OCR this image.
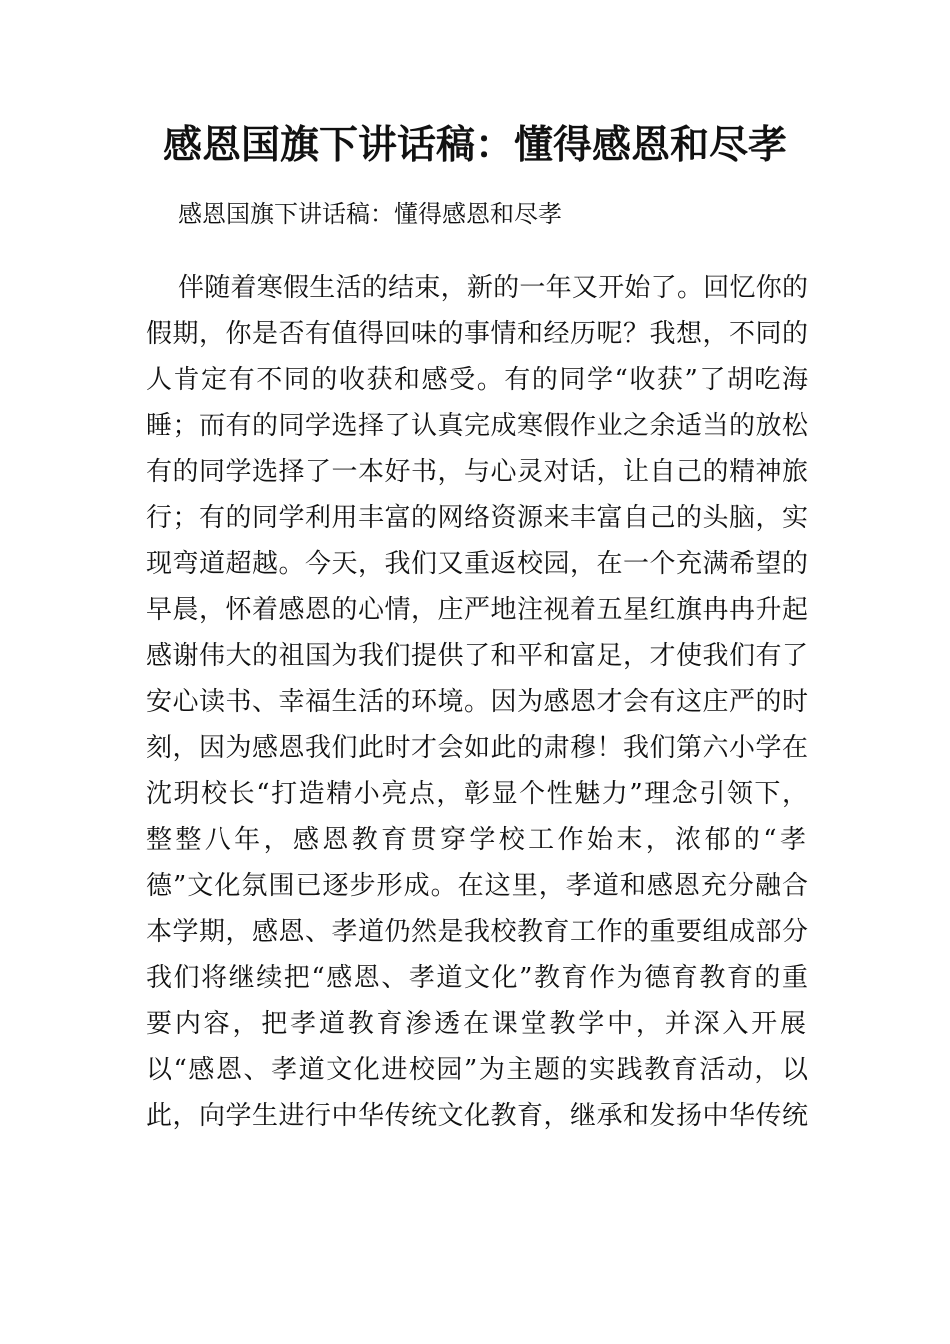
感恩国旗下讲话稿：懂得感恩和尽孝
感恩国旗下讲话稿：懂得感恩和尽孝
伴随着寒假生活的结束，新的一年又开始了。回忆你的
假期，你是否有值得回味的事情和经历呢？我想，不同的
人肯定有不同的收获和感受。有的同学“收获”了胡吃海
睡；而有的同学选择了认真完成寒假作业之余适当的放松
有的同学选择了一本好书，与心灵对话，让自己的精神旅
行；有的同学利用丰富的网络资源来丰富自己的头脑，实
现弯道超越。今天，我们又重返校园，在一个充满希望的
早晨，怀着感恩的心情，庄严地注视着五星红旗冉冉升起
感谢伟大的祖国为我们提供了和平和富足，才使我们有了
安心读书、幸福生活的环境。因为感恩才会有这庄严的时
刻，因为感恩我们此时才会如此的肃穆！我们第六小学在
沈玥校长“打造精小亮点，彰显个性魅力”理念引领下，
整整八年，感恩教育贯穿学校工作始末，浓郁的“孝
德”文化氛围已逐步形成。在这里，孝道和感恩充分融合
本学期，感恩、孝道仍然是我校教育工作的重要组成部分
我们将继续把“感恩、孝道文化”教育作为德育教育的重
要内容，把孝道教育渗透在课堂教学中，并深入开展
以“感恩、孝道文化进校园”为主题的实践教育活动，以
此，向学生进行中华传统文化教育，继承和发扬中华传统
